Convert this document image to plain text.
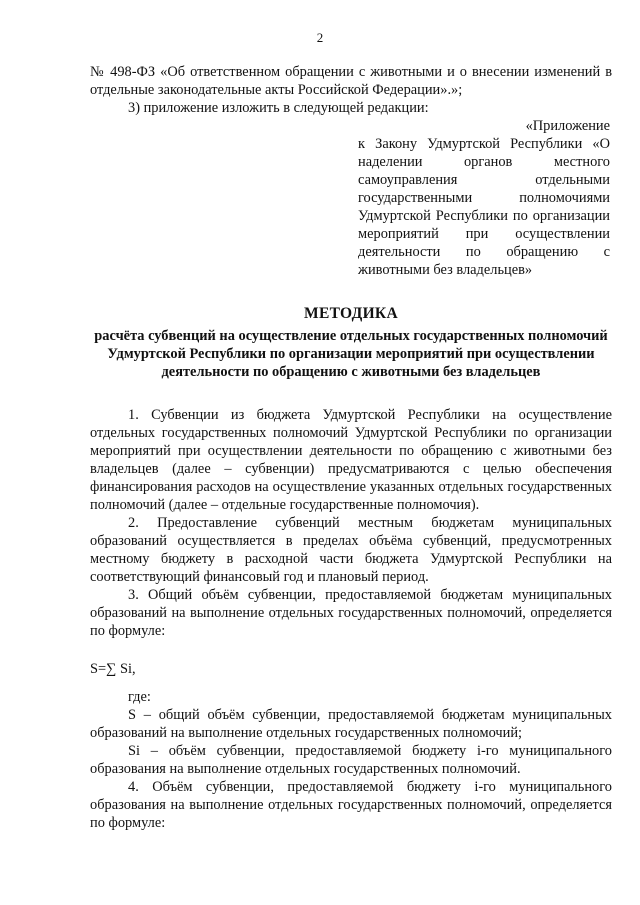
2

№ 498-ФЗ «Об ответственном обращении с животными и о внесении изменений в отдельные законодательные акты Российской Федерации».»;

3) приложение изложить в следующей редакции:

«Приложение

к Закону Удмуртской Республики «О наделении органов местного самоуправления отдельными государственными полномочиями Удмуртской Республики по организации мероприятий при осуществлении деятельности по обращению с животными без владельцев»

МЕТОДИКА
расчёта субвенций на осуществление отдельных государственных полномочий Удмуртской Республики по организации мероприятий при осуществлении деятельности по обращению с животными без владельцев

1. Субвенции из бюджета Удмуртской Республики на осуществление отдельных государственных полномочий Удмуртской Республики по организации мероприятий при осуществлении деятельности по обращению с животными без владельцев (далее – субвенции) предусматриваются с целью обеспечения финансирования расходов на осуществление указанных отдельных государственных полномочий (далее – отдельные государственные полномочия).

2. Предоставление субвенций местным бюджетам муниципальных образований осуществляется в пределах объёма субвенций, предусмотренных местному бюджету в расходной части бюджета Удмуртской Республики на соответствующий финансовый год и плановый период.

3. Общий объём субвенции, предоставляемой бюджетам муниципальных образований на выполнение отдельных государственных полномочий, определяется по формуле:

S=∑ Si,

где:

S – общий объём субвенции, предоставляемой бюджетам муниципальных образований на выполнение отдельных государственных полномочий;

Si – объём субвенции, предоставляемой бюджету i-го муниципального образования на выполнение отдельных государственных полномочий.

4. Объём субвенции, предоставляемой бюджету i-го муниципального образования на выполнение отдельных государственных полномочий, определяется по формуле:
